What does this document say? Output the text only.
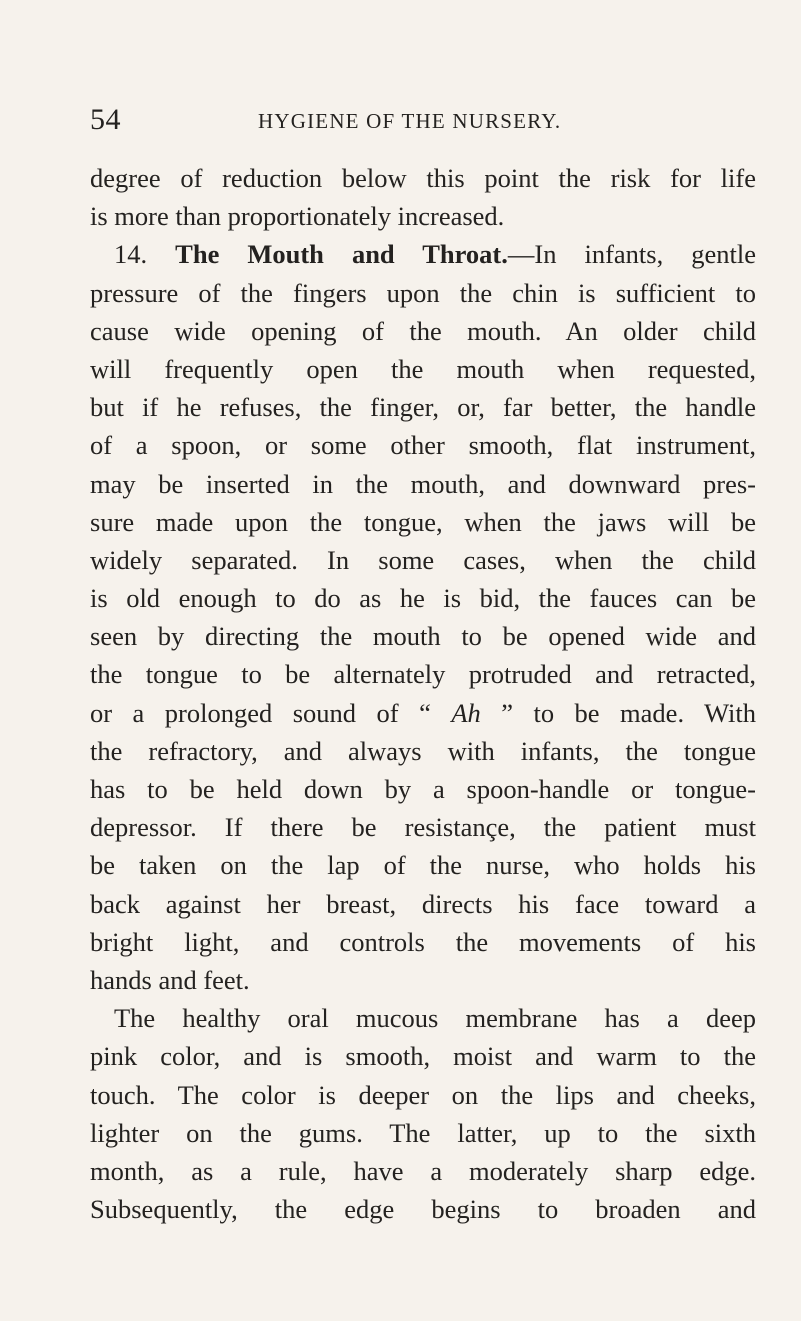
54	HYGIENE OF THE NURSERY.
degree of reduction below this point the risk for life
is more than proportionately increased.
14. The Mouth and Throat.—In infants, gentle
pressure of the fingers upon the chin is sufficient to
cause wide opening of the mouth. An older child
will frequently open the mouth when requested,
but if he refuses, the finger, or, far better, the handle
of a spoon, or some other smooth, flat instrument,
may be inserted in the mouth, and downward pres-
sure made upon the tongue, when the jaws will be
widely separated. In some cases, when the child
is old enough to do as he is bid, the fauces can be
seen by directing the mouth to be opened wide and
the tongue to be alternately protruded and retracted,
or a prolonged sound of “ Ah ” to be made. With
the refractory, and always with infants, the tongue
has to be held down by a spoon-handle or tongue-
depressor. If there be resistançe, the patient must
be taken on the lap of the nurse, who holds his
back against her breast, directs his face toward a
bright light, and controls the movements of his
hands and feet.
The healthy oral mucous membrane has a deep
pink color, and is smooth, moist and warm to the
touch. The color is deeper on the lips and cheeks,
lighter on the gums. The latter, up to the sixth
month, as a rule, have a moderately sharp edge.
Subsequently, the edge begins to broaden and
